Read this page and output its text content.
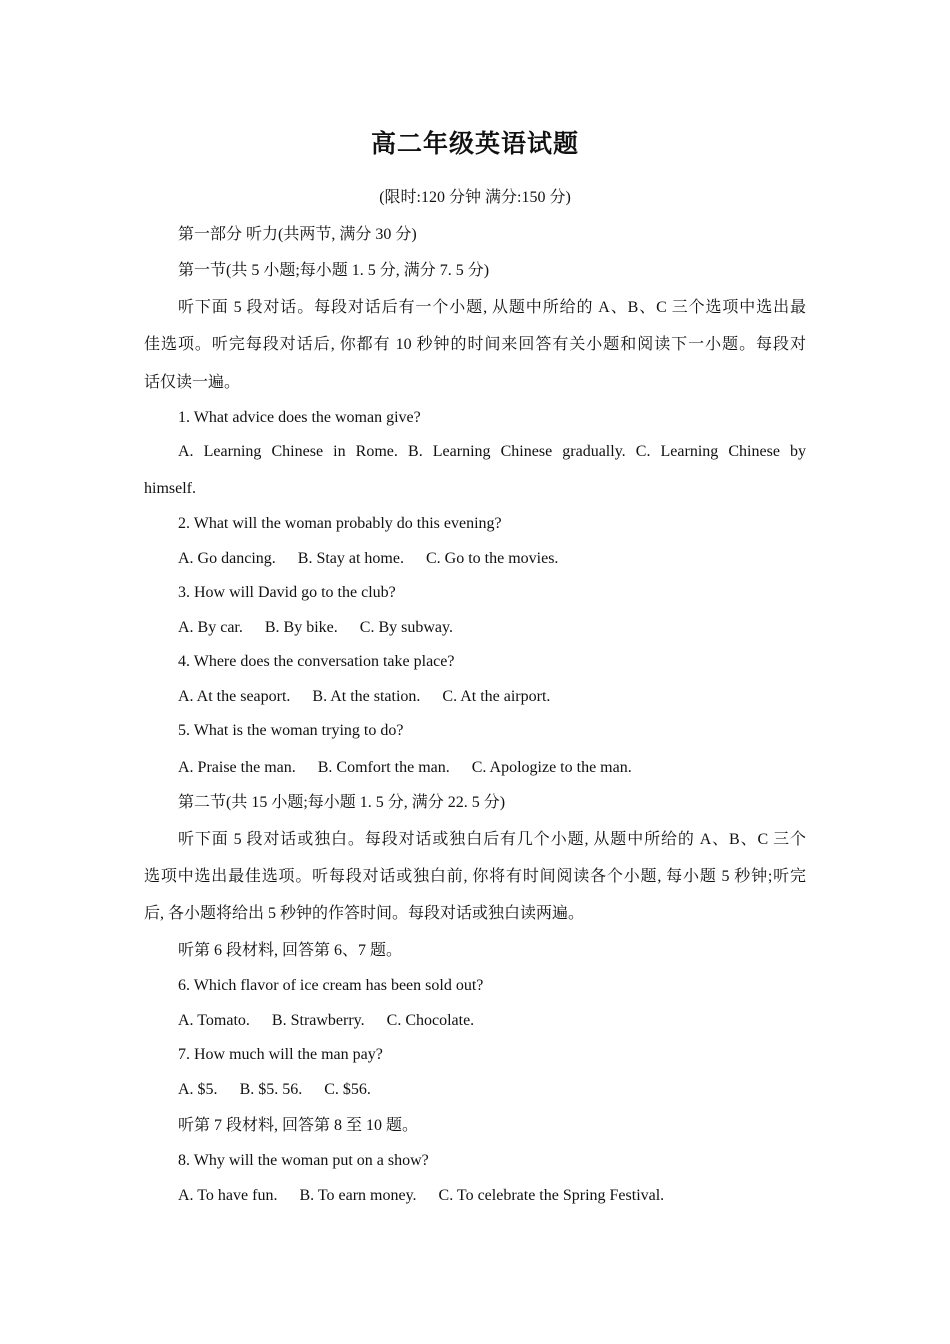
高二年级英语试题
(限时:120 分钟 满分:150 分)
第一部分 听力(共两节, 满分 30 分)
第一节(共 5 小题;每小题 1. 5 分, 满分 7. 5 分)
听下面 5 段对话。每段对话后有一个小题, 从题中所给的 A、B、C 三个选项中选出最
佳选项。听完每段对话后, 你都有 10 秒钟的时间来回答有关小题和阅读下一小题。每段对
话仅读一遍。
1. What advice does the woman give?
A. Learning Chinese in Rome. B. Learning Chinese gradually. C. Learning Chinese by
himself.
2. What will the woman probably do this evening?
A. Go dancing. B. Stay at home. C. Go to the movies.
3. How will David go to the club?
A. By car. B. By bike. C. By subway.
4. Where does the conversation take place?
A. At the seaport. B. At the station. C. At the airport.
5. What is the woman trying to do?
A. Praise the man. B. Comfort the man. C. Apologize to the man.
第二节(共 15 小题;每小题 1. 5 分, 满分 22. 5 分)
听下面 5 段对话或独白。每段对话或独白后有几个小题, 从题中所给的 A、B、C 三个
选项中选出最佳选项。听每段对话或独白前, 你将有时间阅读各个小题, 每小题 5 秒钟;听完
后, 各小题将给出 5 秒钟的作答时间。每段对话或独白读两遍。
听第 6 段材料, 回答第 6、7 题。
6. Which flavor of ice cream has been sold out?
A. Tomato. B. Strawberry. C. Chocolate.
7. How much will the man pay?
A. $5. B. $5. 56. C. $56.
听第 7 段材料, 回答第 8 至 10 题。
8. Why will the woman put on a show?
A. To have fun. B. To earn money. C. To celebrate the Spring Festival.
